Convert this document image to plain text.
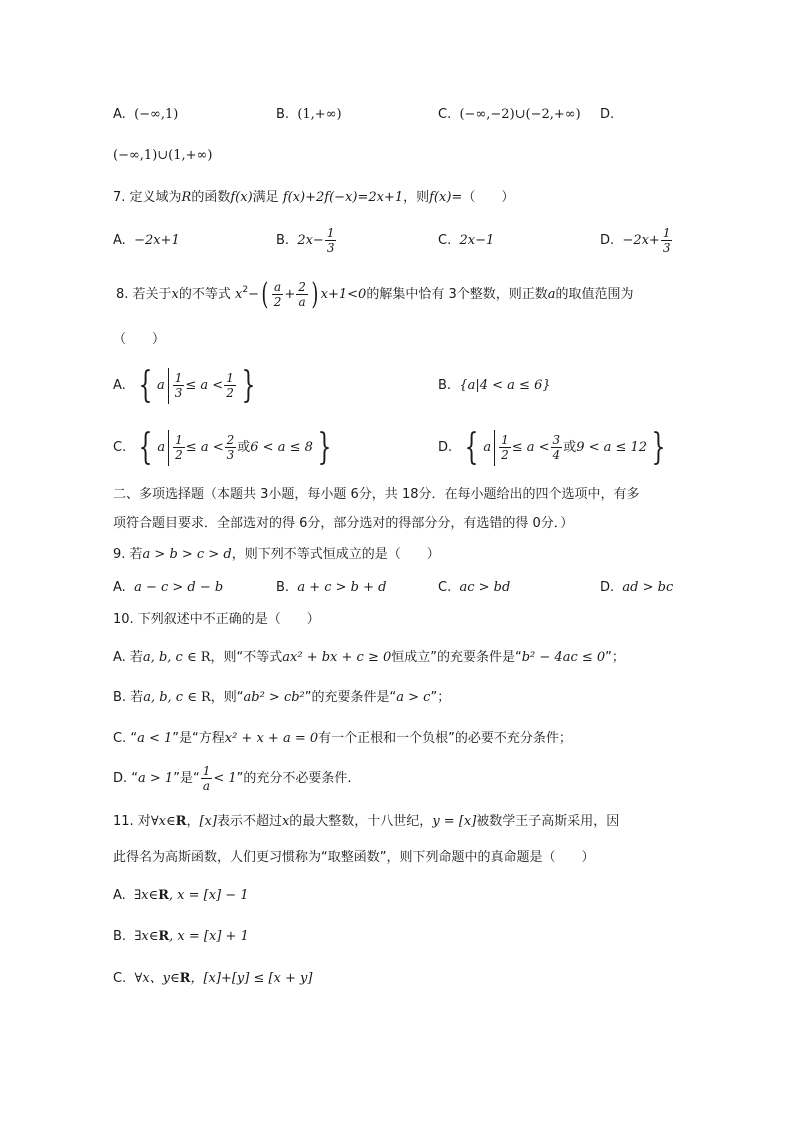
A. (−∞,1)	B. (1,+∞)	C. (−∞,−2)∪(−2,+∞) D.
(−∞,1)∪(1,+∞)
7. 定义域为R的函数f(x)满足 f(x)+2f(−x)=2x+1，则f(x)=（　　）
A. −2x+1	B. $2x- \frac{1}{3}$	C. 2x−1	D. $-2x+ \frac{1}{3}$
8. 若关于x的不等式 $x^2-( \frac{a}{2} + \frac{2}{a}$ ) x+1<0的解集中恰有 3个整数，则正数a的取值范围为
（　　）
A. { a $\frac{1}{3} \le a < \frac{1}{2}$ }	B. {a|4 < a ≤ 6}
C. { a $\frac{1}{2} \le a < \frac{2}{3}$ 或6 < a ≤ 8 }	D. { a $\frac{1}{2} \le a < \frac{3}{4}$ 或9 < a ≤ 12 }
二、多项选择题（本题共 3小题，每小题 6分，共 18分．在每小题给出的四个选项中，有多
项符合题目要求．全部选对的得 6分，部分选对的得部分分，有选错的得 0分．）
9. 若a > b > c > d，则下列不等式恒成立的是（　　）
A. a − c > d − b	B. a + c > b + d	C. ac > bd	D. ad > bc
10. 下列叙述中不正确的是（　　）
A. 若a, b, c ∈ R，则“不等式ax² + bx + c ≥ 0恒成立”的充要条件是“b² − 4ac ≤ 0”；
B. 若a, b, c ∈ R，则“ab² > cb²”的充要条件是“a > c”；
C. “a < 1”是“方程x² + x + a = 0有一个正根和一个负根”的必要不充分条件；
D. “a > 1”是“ $\frac{1}{a} < 1$”的充分不必要条件.
11. 对∀x∈R，[x]表示不超过x的最大整数，十八世纪，y = [x]被数学王子高斯采用，因
此得名为高斯函数，人们更习惯称为“取整函数”，则下列命题中的真命题是（　　）
A. ∃x∈R, x = [x] − 1
B. ∃x∈R, x = [x] + 1
C. ∀x、y∈R，[x]+[y] ≤ [x + y]
